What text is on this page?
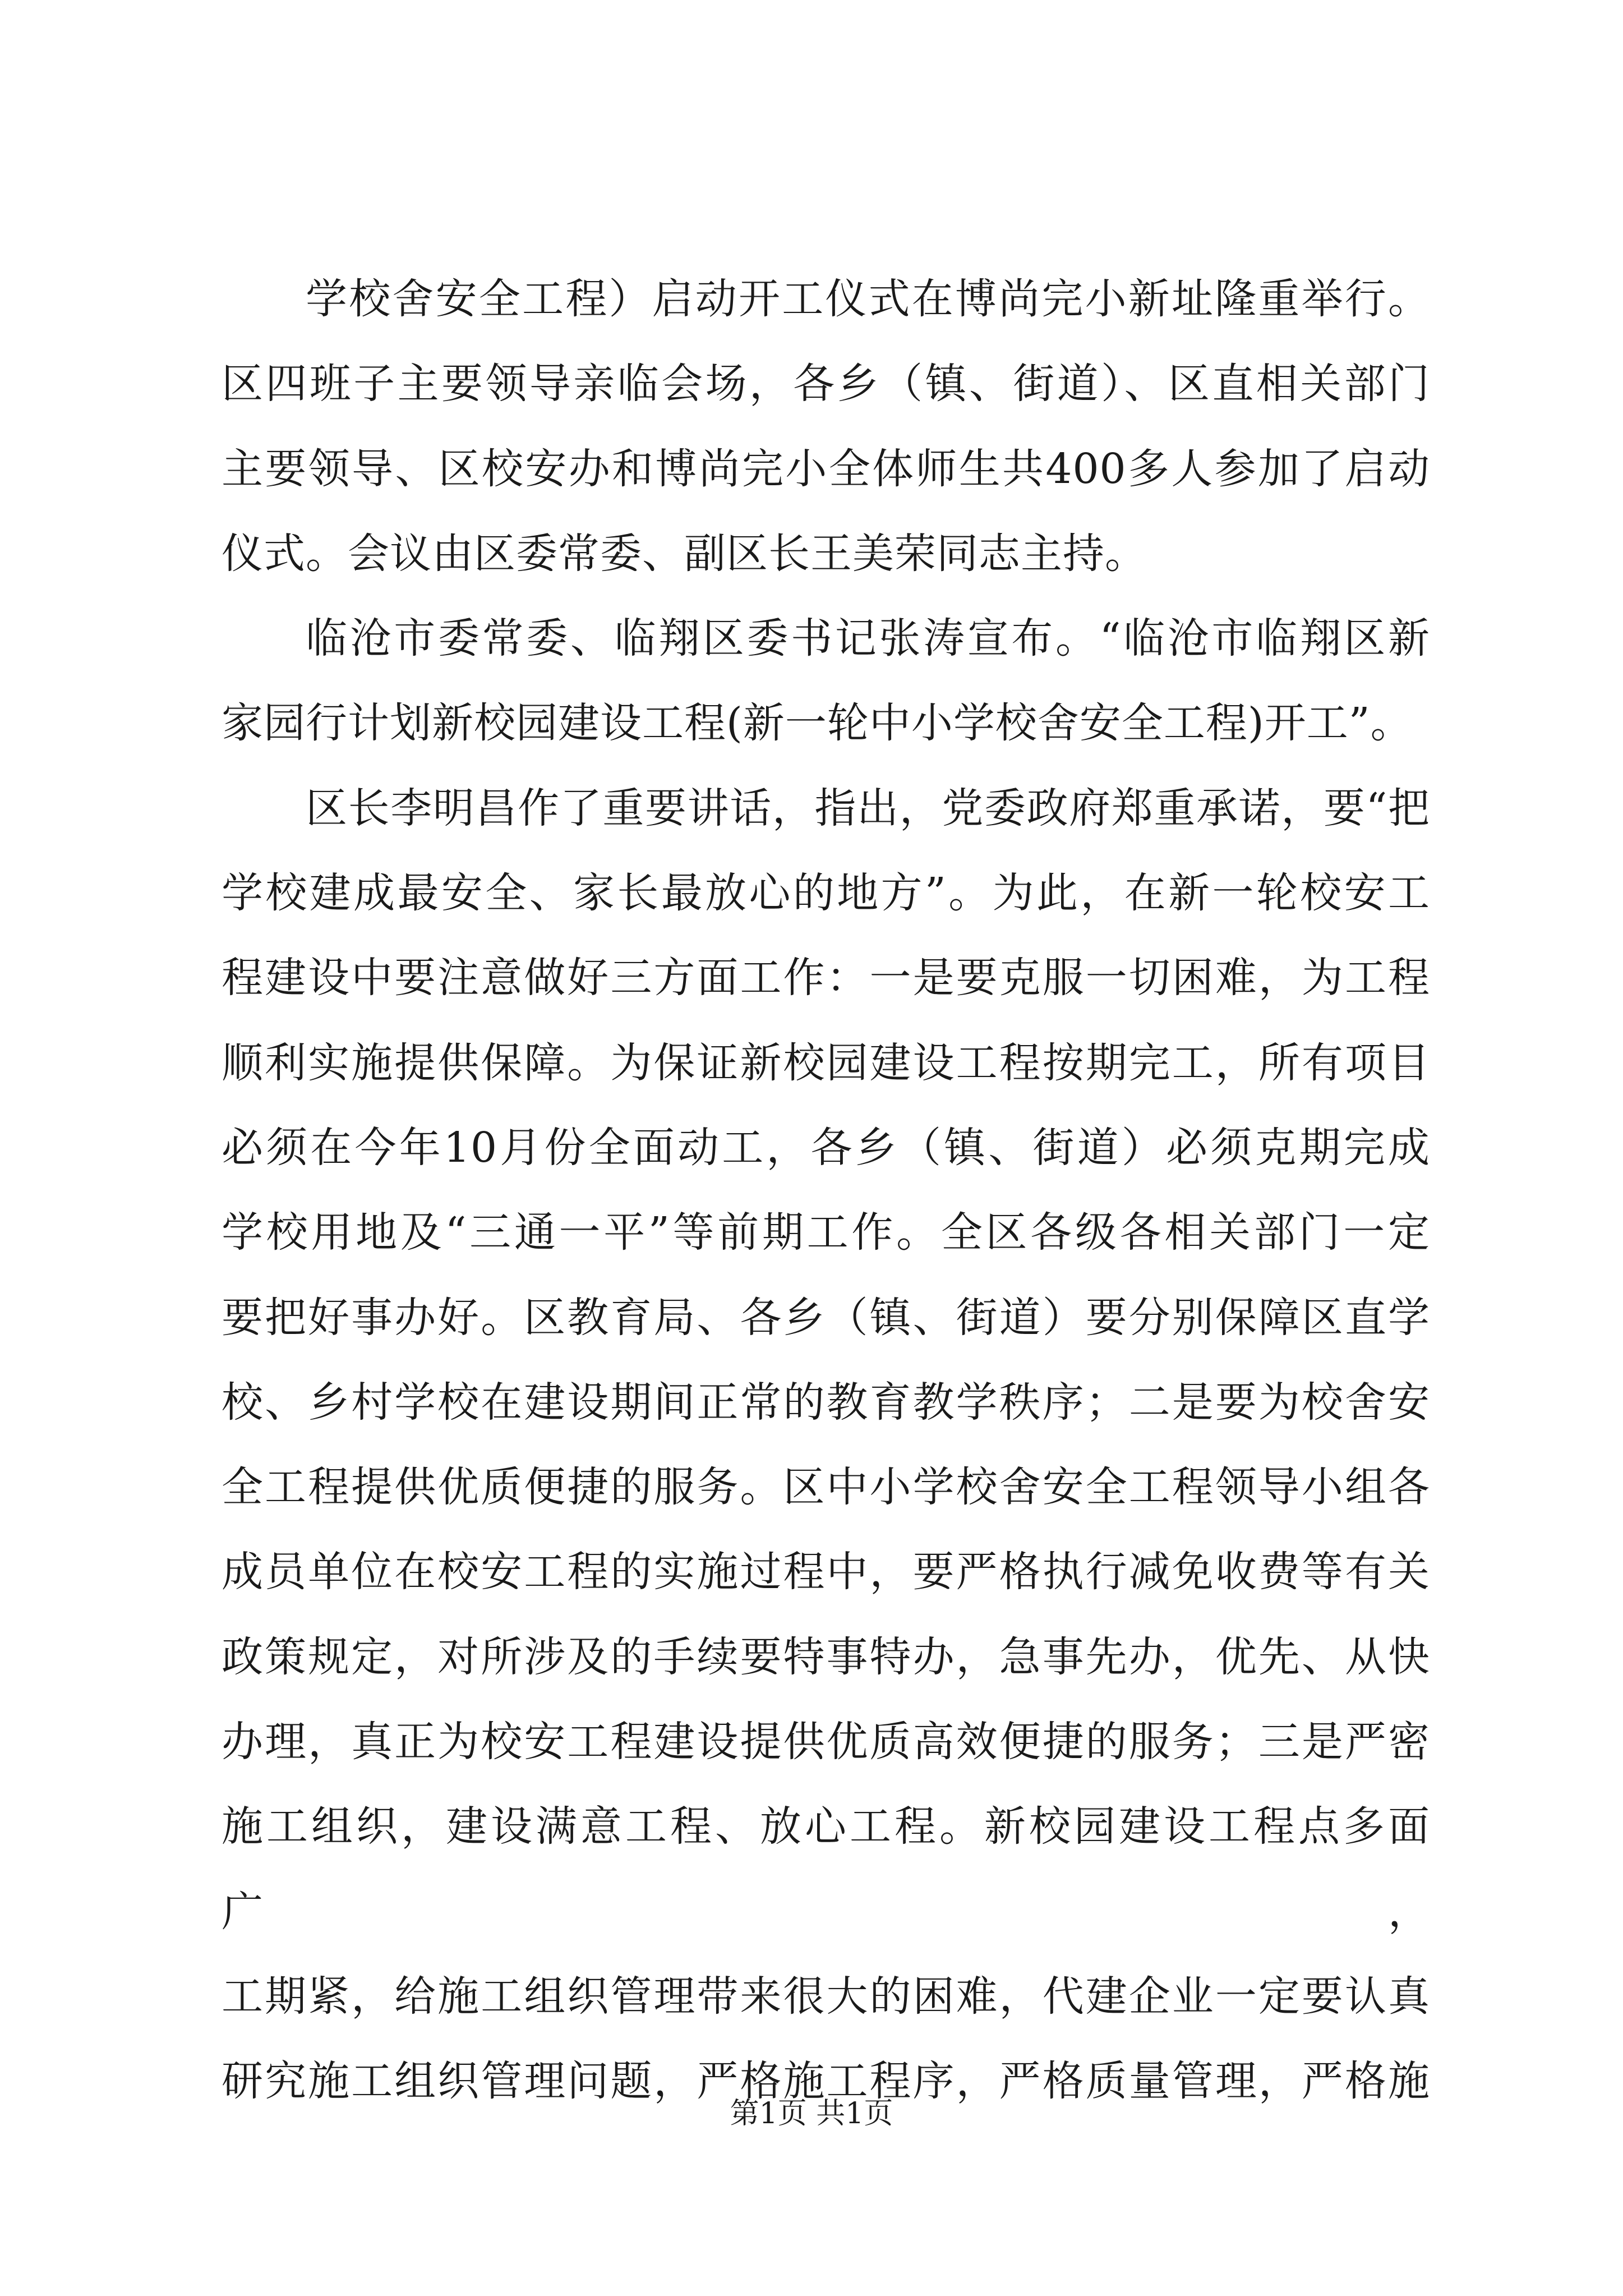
学校舍安全工程）启动开工仪式在博尚完小新址隆重举行。

区四班子主要领导亲临会场，各乡（镇、街道）、区直相关部门

主要领导、区校安办和博尚完小全体师生共400多人参加了启动

仪式。会议由区委常委、副区长王美荣同志主持。

临沧市委常委、临翔区委书记张涛宣布。“临沧市临翔区新

家园行计划新校园建设工程(新一轮中小学校舍安全工程)开工”。

区长李明昌作了重要讲话，指出，党委政府郑重承诺，要“把

学校建成最安全、家长最放心的地方”。为此，在新一轮校安工

程建设中要注意做好三方面工作：一是要克服一切困难，为工程

顺利实施提供保障。为保证新校园建设工程按期完工，所有项目

必须在今年10月份全面动工，各乡（镇、街道）必须克期完成

学校用地及“三通一平”等前期工作。全区各级各相关部门一定

要把好事办好。区教育局、各乡（镇、街道）要分别保障区直学

校、乡村学校在建设期间正常的教育教学秩序；二是要为校舍安

全工程提供优质便捷的服务。区中小学校舍安全工程领导小组各

成员单位在校安工程的实施过程中，要严格执行减免收费等有关

政策规定，对所涉及的手续要特事特办，急事先办，优先、从快

办理，真正为校安工程建设提供优质高效便捷的服务；三是严密

施工组织，建设满意工程、放心工程。新校园建设工程点多面广，

工期紧，给施工组织管理带来很大的困难，代建企业一定要认真

研究施工组织管理问题，严格施工程序，严格质量管理，严格施

第1页 共1页
